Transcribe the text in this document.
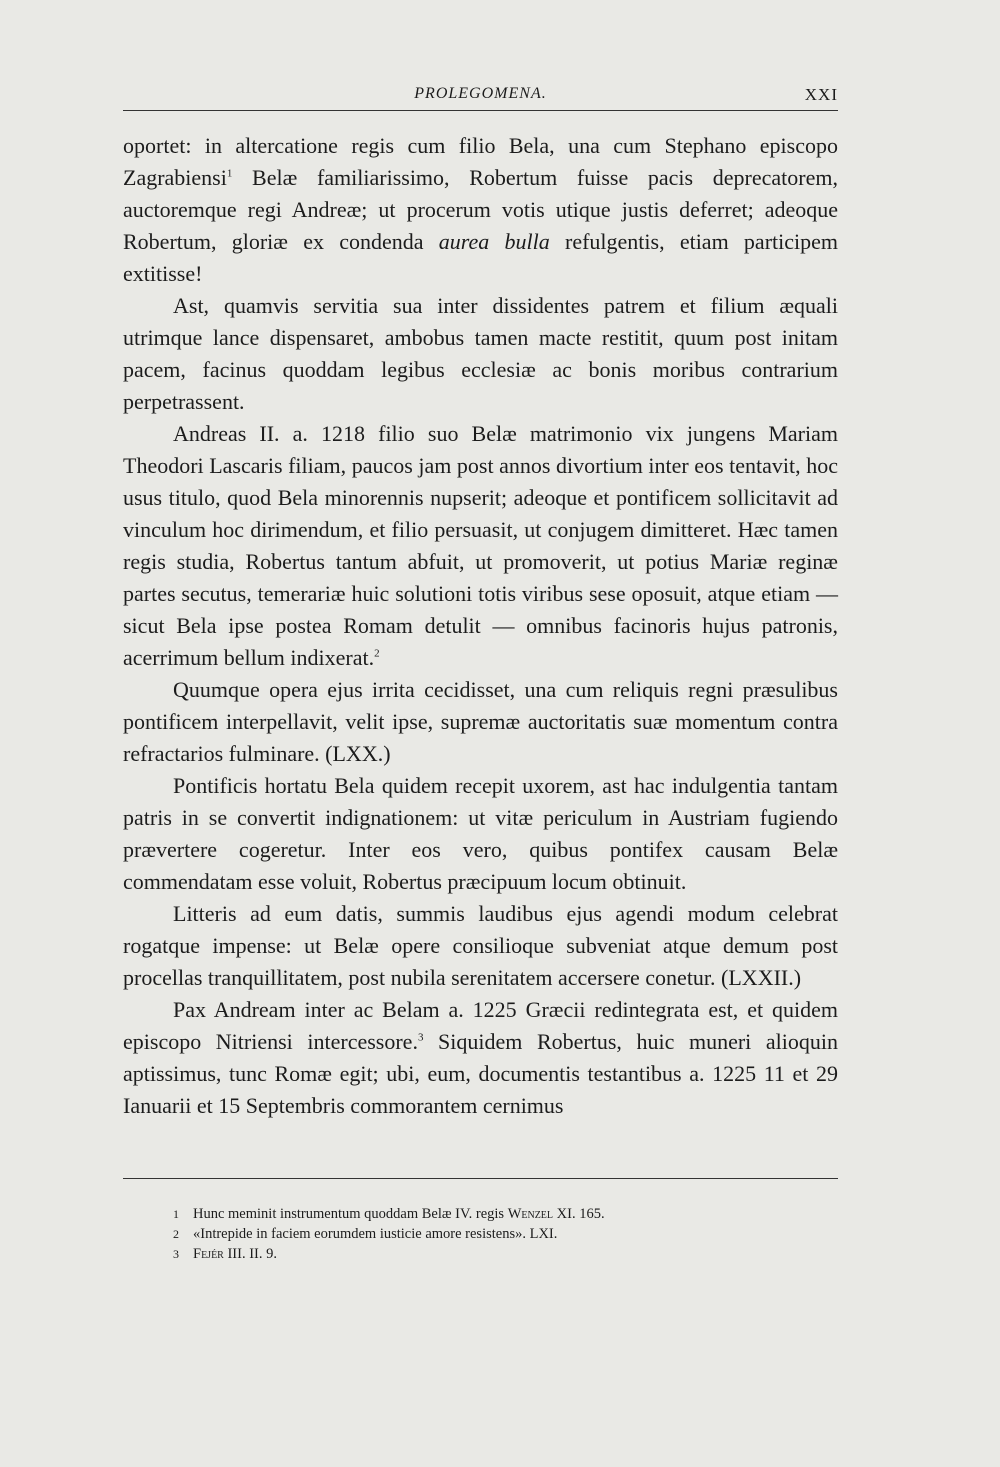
PROLEGOMENA.	XXI

oportet: in altercatione regis cum filio Bela, una cum Stephano episcopo Zagrabiensi$^1$ Belæ familiarissimo, Robertum fuisse pacis deprecatorem, auctoremque regi Andreæ; ut procerum votis utique justis deferret; adeoque Robertum, gloriæ ex condenda aurea bulla refulgentis, etiam participem extitisse!

Ast, quamvis servitia sua inter dissidentes patrem et filium æquali utrimque lance dispensaret, ambobus tamen macte restitit, quum post initam pacem, facinus quoddam legibus ecclesiæ ac bonis moribus contrarium perpetrassent.

Andreas II. a. 1218 filio suo Belæ matrimonio vix jungens Mariam Theodori Lascaris filiam, paucos jam post annos divortium inter eos tentavit, hoc usus titulo, quod Bela minorennis nupserit; adeoque et pontificem sollicitavit ad vinculum hoc dirimendum, et filio persuasit, ut conjugem dimitteret. Hæc tamen regis studia, Robertus tantum abfuit, ut promoverit, ut potius Mariæ reginæ partes secutus, temerariæ huic solutioni totis viribus sese oposuit, atque etiam — sicut Bela ipse postea Romam detulit — omnibus facinoris hujus patronis, acerrimum bellum indixerat.$^2$

Quumque opera ejus irrita cecidisset, una cum reliquis regni præsulibus pontificem interpellavit, velit ipse, supremæ auctoritatis suæ momentum contra refractarios fulminare. (LXX.)

Pontificis hortatu Bela quidem recepit uxorem, ast hac indulgentia tantam patris in se convertit indignationem: ut vitæ periculum in Austriam fugiendo prævertere cogeretur. Inter eos vero, quibus pontifex causam Belæ commendatam esse voluit, Robertus præcipuum locum obtinuit.

Litteris ad eum datis, summis laudibus ejus agendi modum celebrat rogatque impense: ut Belæ opere consilioque subveniat atque demum post procellas tranquillitatem, post nubila serenitatem accersere conetur. (LXXII.)

Pax Andream inter ac Belam a. 1225 Græcii redintegrata est, et quidem episcopo Nitriensi intercessore.$^3$ Siquidem Robertus, huic muneri alioquin aptissimus, tunc Romæ egit; ubi, eum, documentis testantibus a. 1225 11 et 29 Ianuarii et 15 Septembris commorantem cernimus

1 Hunc meminit instrumentum quoddam Belæ IV. regis Wenzel XI. 165.

2 «Intrepide in faciem eorumdem iusticie amore resistens». LXI.

3 Fejér III. II. 9.
